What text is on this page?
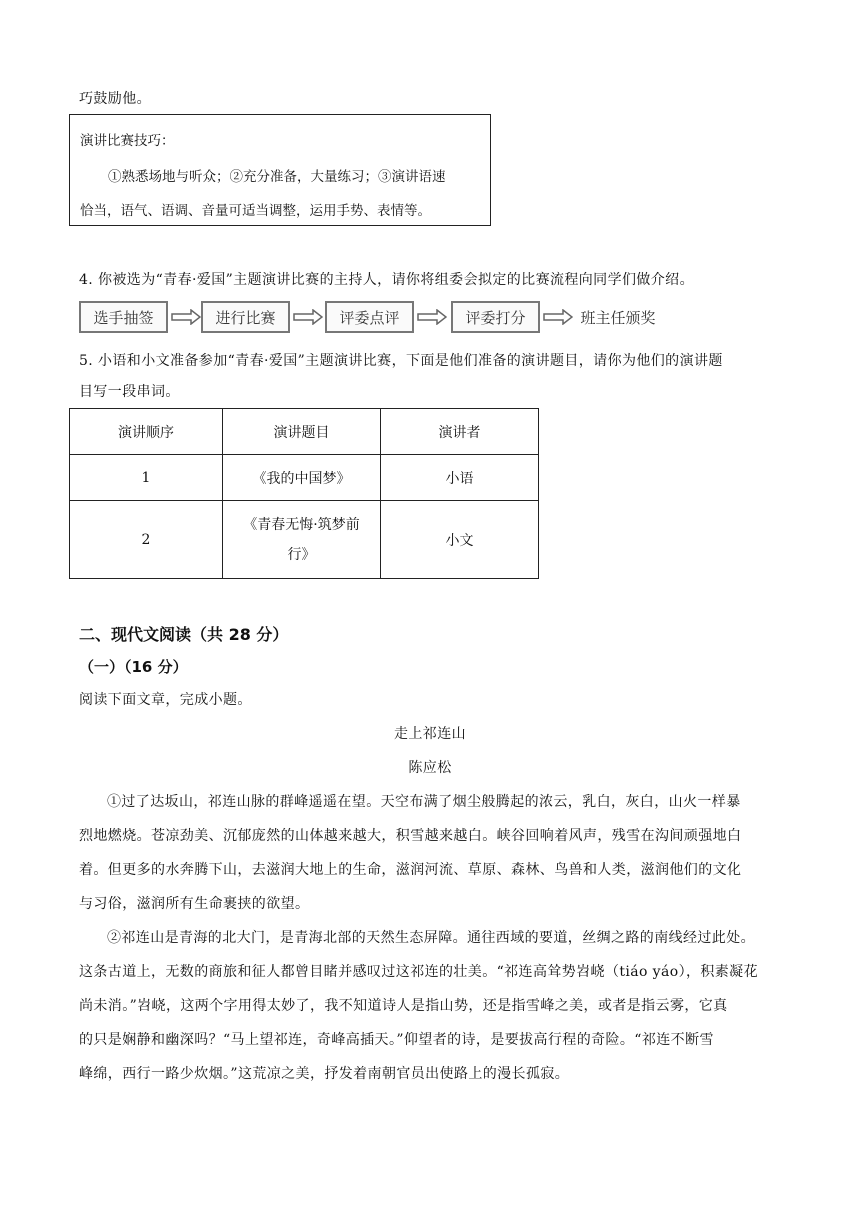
巧鼓励他。
演讲比赛技巧：
①熟悉场地与听众；②充分准备，大量练习；③演讲语速
恰当，语气、语调、音量可适当调整，运用手势、表情等。
4. 你被选为“青春·爱国”主题演讲比赛的主持人，请你将组委会拟定的比赛流程向同学们做介绍。
选手抽签	进行比赛	评委点评	评委打分	班主任颁奖
5. 小语和小文准备参加“青春·爱国”主题演讲比赛，下面是他们准备的演讲题目，请你为他们的演讲题
目写一段串词。
演讲顺序	演讲题目	演讲者
1	《我的中国梦》	小语
2	《青春无悔·筑梦前
行》	小文
二、现代文阅读（共 28 分）
（一）（16 分）
阅读下面文章，完成小题。
走上祁连山
陈应松
①过了达坂山，祁连山脉的群峰遥遥在望。天空布满了烟尘般腾起的浓云，乳白，灰白，山火一样暴
烈地燃烧。苍凉劲美、沉郁庞然的山体越来越大，积雪越来越白。峡谷回响着风声，残雪在沟间顽强地白
着。但更多的水奔腾下山，去滋润大地上的生命，滋润河流、草原、森林、鸟兽和人类，滋润他们的文化
与习俗，滋润所有生命裹挟的欲望。
②祁连山是青海的北大门，是青海北部的天然生态屏障。通往西域的要道，丝绸之路的南线经过此处。
这条古道上，无数的商旅和征人都曾目睹并感叹过这祁连的壮美。“祁连高耸势岧峣（tiáo yáo），积素凝花
尚未消。”岧峣，这两个字用得太妙了，我不知道诗人是指山势，还是指雪峰之美，或者是指云雾，它真
的只是娴静和幽深吗？“马上望祁连，奇峰高插天。”仰望者的诗，是要拔高行程的奇险。“祁连不断雪
峰绵，西行一路少炊烟。”这荒凉之美，抒发着南朝官员出使路上的漫长孤寂。
